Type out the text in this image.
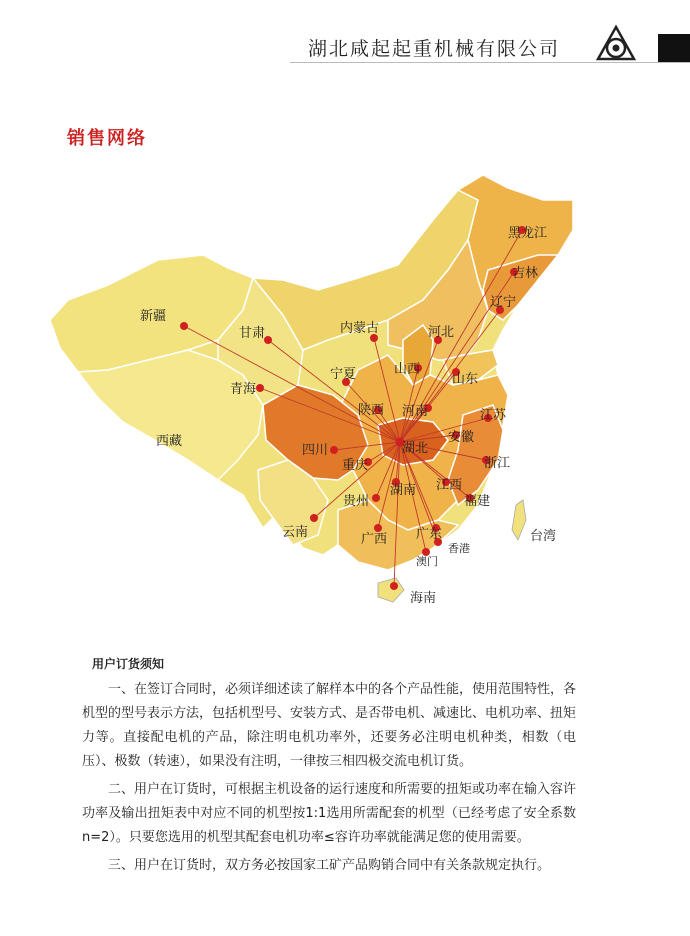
湖北咸起起重机械有限公司
销售网络
黑龙江
吉林
辽宁
新疆
甘肃	内蒙古	河北
宁夏	山西
山东
青海
陕西 河南	江苏
西藏
四川
安徽
重庆	浙江
湖南 江西
贵州	福建
云南	广西 广东
香港
澳门
台湾
海南
湖北
用户订货须知

一、在签订合同时，必须详细述读了解样本中的各个产品性能，使用范围特性，各机型的型号表示方法，包括机型号、安装方式、是否带电机、减速比、电机功率、扭矩力等。直接配电机的产品，除注明电机功率外，还要务必注明电机种类，相数（电压）、极数（转速），如果没有注明，一律按三相四极交流电机订货。

二、用户在订货时，可根据主机设备的运行速度和所需要的扭矩或功率在输入容许功率及输出扭矩表中对应不同的机型按1:1选用所需配套的机型（已经考虑了安全系数n=2）。只要您选用的机型其配套电机功率≤容许功率就能满足您的使用需要。

三、用户在订货时，双方务必按国家工矿产品购销合同中有关条款规定执行。
